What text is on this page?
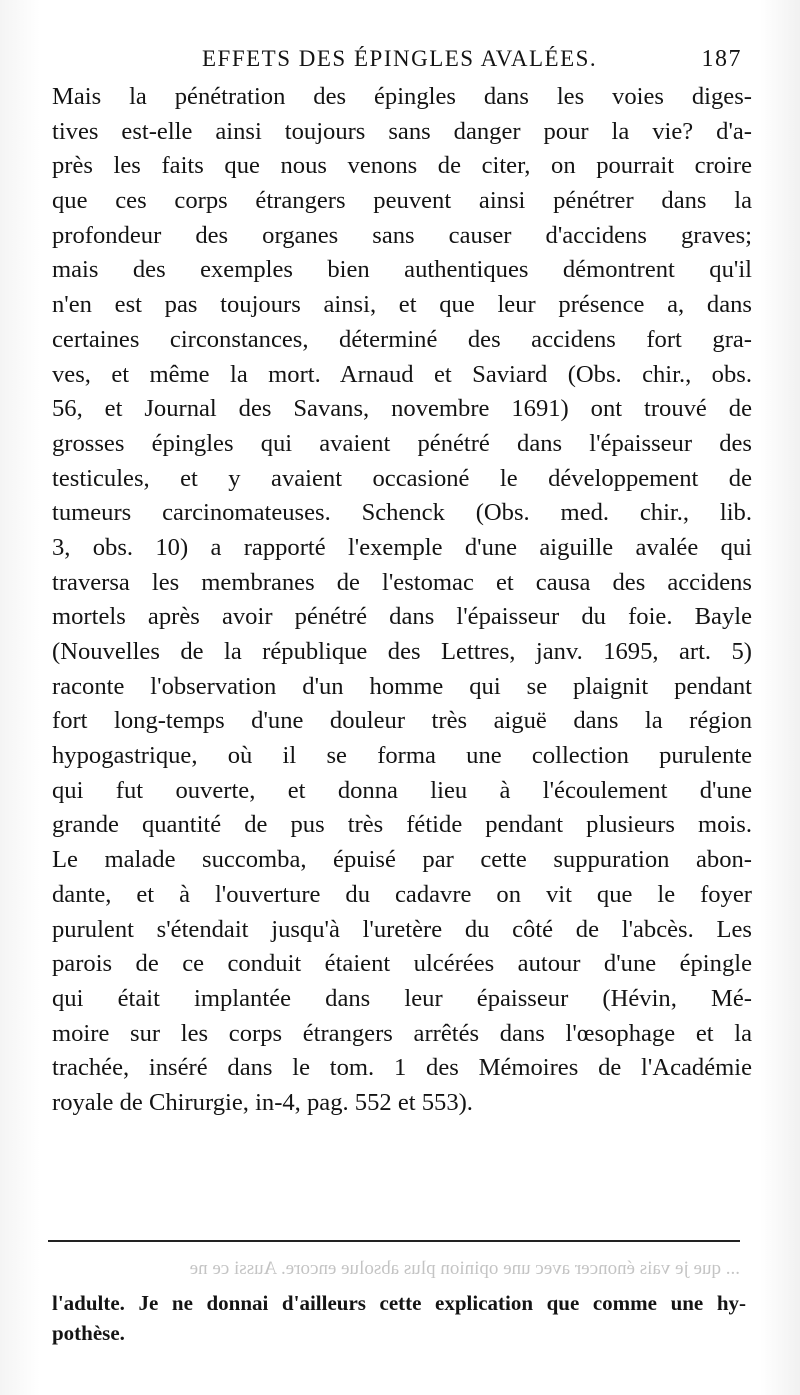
EFFETS DES ÉPINGLES AVALÉES.	187
Mais la pénétration des épingles dans les voies diges-
tives est-elle ainsi toujours sans danger pour la vie? d'a-
près les faits que nous venons de citer, on pourrait croire
que ces corps étrangers peuvent ainsi pénétrer dans la
profondeur des organes sans causer d'accidens graves;
mais des exemples bien authentiques démontrent qu'il
n'en est pas toujours ainsi, et que leur présence a, dans
certaines circonstances, déterminé des accidens fort gra-
ves, et même la mort. Arnaud et Saviard (Obs. chir., obs.
56, et Journal des Savans, novembre 1691) ont trouvé de
grosses épingles qui avaient pénétré dans l'épaisseur des
testicules, et y avaient occasioné le développement de
tumeurs carcinomateuses. Schenck (Obs. med. chir., lib.
3, obs. 10) a rapporté l'exemple d'une aiguille avalée qui
traversa les membranes de l'estomac et causa des accidens
mortels après avoir pénétré dans l'épaisseur du foie. Bayle
(Nouvelles de la république des Lettres, janv. 1695, art. 5)
raconte l'observation d'un homme qui se plaignit pendant
fort long-temps d'une douleur très aiguë dans la région
hypogastrique, où il se forma une collection purulente
qui fut ouverte, et donna lieu à l'écoulement d'une
grande quantité de pus très fétide pendant plusieurs mois.
Le malade succomba, épuisé par cette suppuration abon-
dante, et à l'ouverture du cadavre on vit que le foyer
purulent s'étendait jusqu'à l'uretère du côté de l'abcès. Les
parois de ce conduit étaient ulcérées autour d'une épingle
qui était implantée dans leur épaisseur (Hévin, Mé-
moire sur les corps étrangers arrêtés dans l'œsophage et la
trachée, inséré dans le tom. 1 des Mémoires de l'Académie
royale de Chirurgie, in-4, pag. 552 et 553).
... que je vais énoncer avec une opinion plus absolue encore. Aussi ce ne
l'adulte. Je ne donnai d'ailleurs cette explication que comme une hy-
pothèse.
